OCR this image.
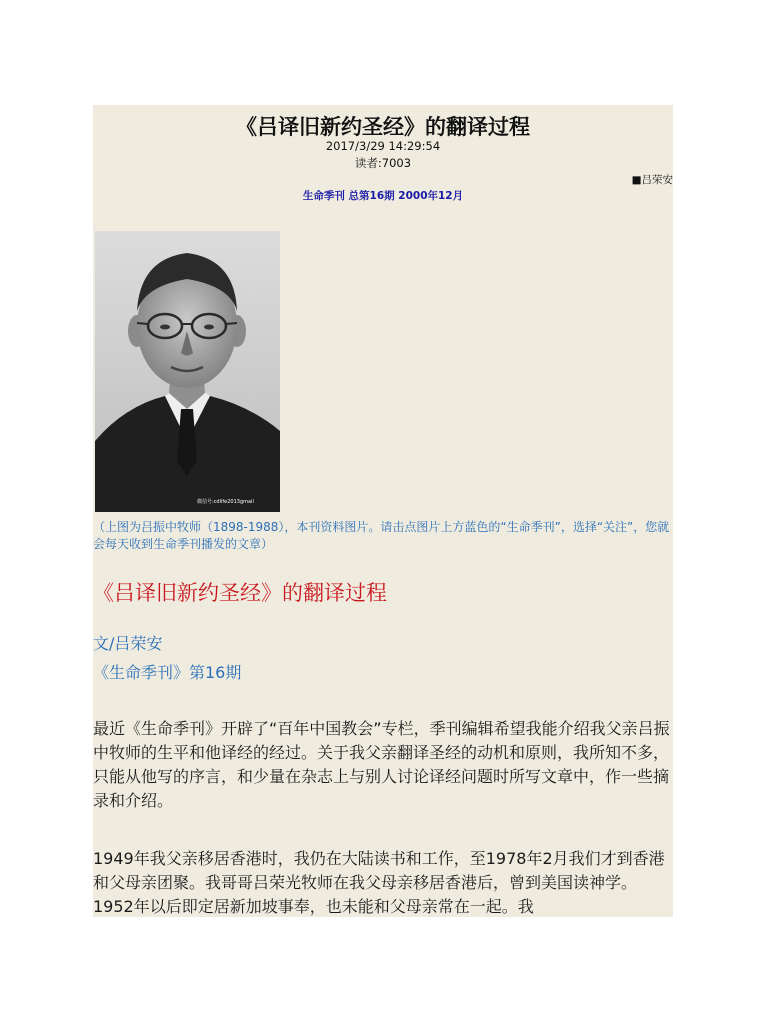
《吕译旧新约圣经》的翻译过程
2017/3/29 14:29:54
读者:7003
■吕荣安
生命季刊 总第16期 2000年12月
微信号:cdlife2013gmail
（上图为吕振中牧师（1898-1988），本刊资料图片。请击点图片上方蓝色的“生命季刊”，选择“关注”，您就会每天收到生命季刊播发的文章）
《吕译旧新约圣经》的翻译过程
文/吕荣安
《生命季刊》第16期
最近《生命季刊》开辟了“百年中国教会”专栏，季刊编辑希望我能介绍我父亲吕振中牧师的生平和他译经的经过。关于我父亲翻译圣经的动机和原则，我所知不多，只能从他写的序言，和少量在杂志上与别人讨论译经问题时所写文章中，作一些摘录和介绍。
1949年我父亲移居香港时，我仍在大陆读书和工作，至1978年2月我们才到香港和父母亲团聚。我哥哥吕荣光牧师在我父母亲移居香港后，曾到美国读神学。1952年以后即定居新加坡事奉，也未能和父母亲常在一起。我
